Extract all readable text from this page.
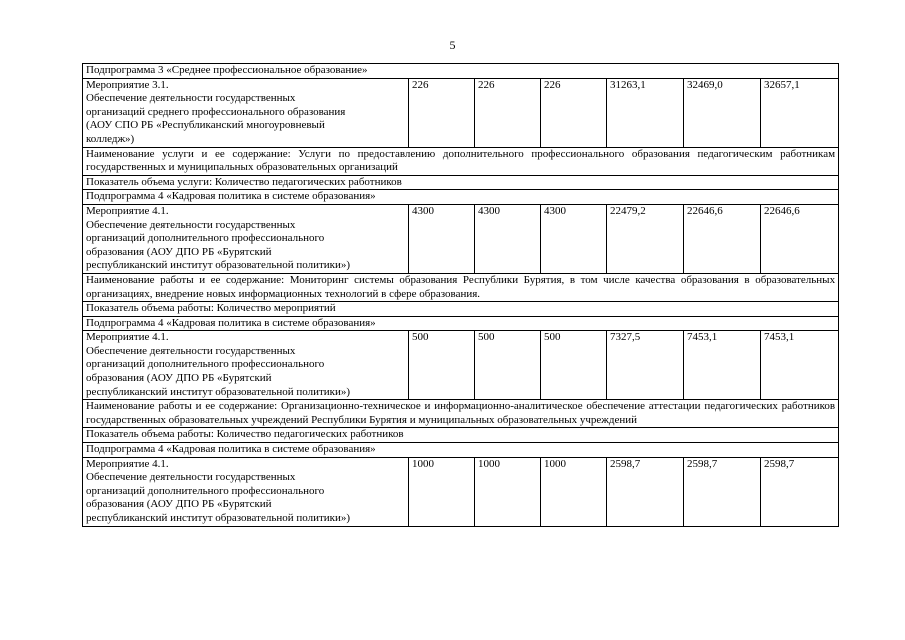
5
Подпрограмма 3 «Среднее профессиональное образование»						

Мероприятие 3.1.
Обеспечение деятельности государственных
организаций среднего профессионального образования
(АОУ СПО РБ «Республиканский многоуровневый
колледж»)	226	226	226	31263,1	32469,0	32657,1
Наименование услуги и ее содержание: Услуги по предоставлению дополнительного профессионального образования педагогическим работникам государственных и муниципальных образовательных организаций						
Показатель объема услуги: Количество педагогических работников						
Подпрограмма 4 «Кадровая политика в системе образования»						

Мероприятие 4.1.
Обеспечение деятельности государственных
организаций дополнительного профессионального
образования (АОУ ДПО РБ «Бурятский
республиканский институт образовательной политики»)	4300	4300	4300	22479,2	22646,6	22646,6
Наименование работы и ее содержание: Мониторинг системы образования Республики Бурятия, в том числе качества образования в образовательных организациях, внедрение новых информационных технологий в сфере образования.						
Показатель объема работы: Количество мероприятий						
Подпрограмма 4 «Кадровая политика в системе образования»						

Мероприятие 4.1.
Обеспечение деятельности государственных
организаций дополнительного профессионального
образования (АОУ ДПО РБ «Бурятский
республиканский институт образовательной политики»)	500	500	500	7327,5	7453,1	7453,1
Наименование работы и ее содержание: Организационно-техническое и информационно-аналитическое обеспечение аттестации педагогических работников государственных образовательных учреждений Республики Бурятия и муниципальных образовательных учреждений						
Показатель объема работы: Количество педагогических работников						
Подпрограмма 4 «Кадровая политика в системе образования»						

Мероприятие 4.1.
Обеспечение деятельности государственных
организаций дополнительного профессионального
образования (АОУ ДПО РБ «Бурятский
республиканский институт образовательной политики»)	1000	1000	1000	2598,7	2598,7	2598,7
